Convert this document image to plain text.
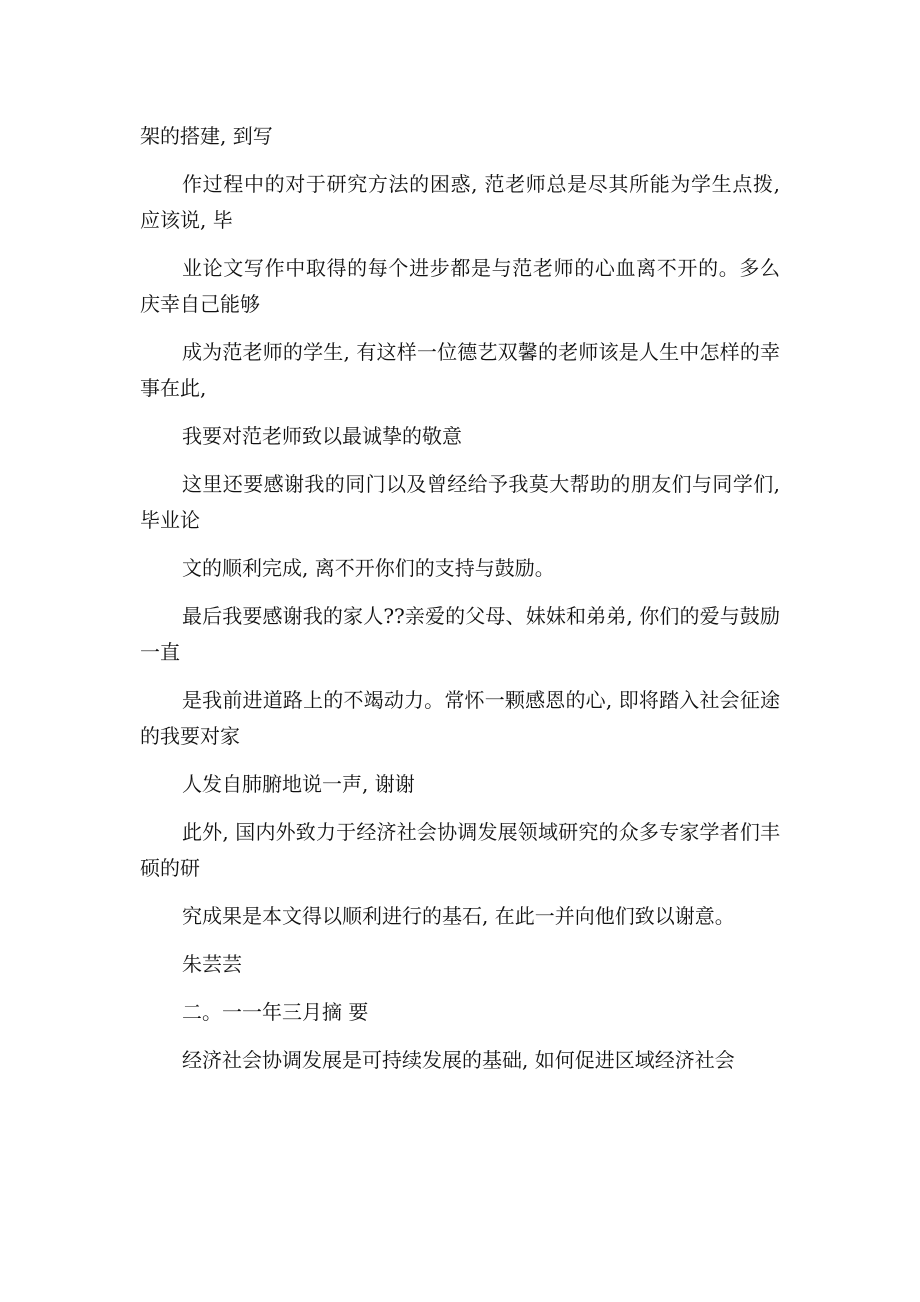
架的搭建, 到写

作过程中的对于研究方法的困惑, 范老师总是尽其所能为学生点拨, 应该说, 毕

业论文写作中取得的每个进步都是与范老师的心血离不开的。多么庆幸自己能够

成为范老师的学生, 有这样一位德艺双馨的老师该是人生中怎样的幸事在此,

我要对范老师致以最诚挚的敬意

这里还要感谢我的同门以及曾经给予我莫大帮助的朋友们与同学们, 毕业论

文的顺利完成, 离不开你们的支持与鼓励。

最后我要感谢我的家人??亲爱的父母、妹妹和弟弟, 你们的爱与鼓励一直

是我前进道路上的不竭动力。常怀一颗感恩的心, 即将踏入社会征途的我要对家

人发自肺腑地说一声, 谢谢

此外, 国内外致力于经济社会协调发展领域研究的众多专家学者们丰硕的研

究成果是本文得以顺利进行的基石, 在此一并向他们致以谢意。

朱芸芸

二。一一年三月摘 要

经济社会协调发展是可持续发展的基础, 如何促进区域经济社会
